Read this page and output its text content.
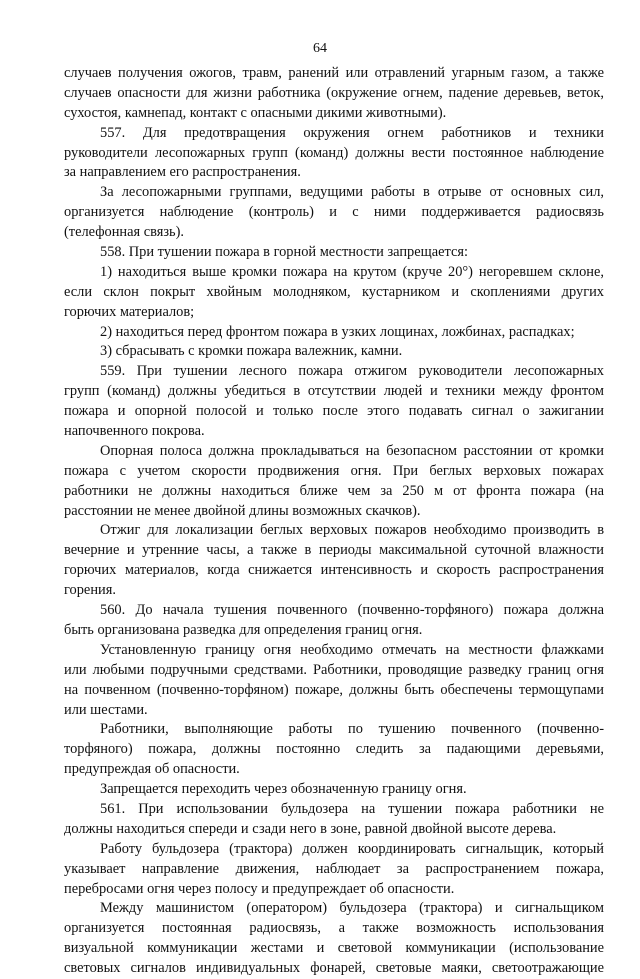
64
случаев получения ожогов, травм, ранений или отравлений угарным газом, а также
случаев опасности для жизни работника (окружение огнем, падение деревьев, веток,
сухостоя, камнепад, контакт с опасными дикими животными).
557. Для предотвращения окружения огнем работников и техники
руководители лесопожарных групп (команд) должны вести постоянное наблюдение
за направлением его распространения.
За лесопожарными группами, ведущими работы в отрыве от основных сил,
организуется наблюдение (контроль) и с ними поддерживается радиосвязь
(телефонная связь).
558. При тушении пожара в горной местности запрещается:
1) находиться выше кромки пожара на крутом (круче 20°) негоревшем склоне,
если склон покрыт хвойным молодняком, кустарником и скоплениями других
горючих материалов;
2) находиться перед фронтом пожара в узких лощинах, ложбинах, распадках;
3) сбрасывать с кромки пожара валежник, камни.
559. При тушении лесного пожара отжигом руководители лесопожарных
групп (команд) должны убедиться в отсутствии людей и техники между фронтом
пожара и опорной полосой и только после этого подавать сигнал о зажигании
напочвенного покрова.
Опорная полоса должна прокладываться на безопасном расстоянии от кромки
пожара с учетом скорости продвижения огня. При беглых верховых пожарах
работники не должны находиться ближе чем за 250 м от фронта пожара (на
расстоянии не менее двойной длины возможных скачков).
Отжиг для локализации беглых верховых пожаров необходимо производить в
вечерние и утренние часы, а также в периоды максимальной суточной влажности
горючих материалов, когда снижается интенсивность и скорость распространения
горения.
560. До начала тушения почвенного (почвенно-торфяного) пожара должна
быть организована разведка для определения границ огня.
Установленную границу огня необходимо отмечать на местности флажками
или любыми подручными средствами. Работники, проводящие разведку границ огня
на почвенном (почвенно-торфяном) пожаре, должны быть обеспечены термощупами
или шестами.
Работники, выполняющие работы по тушению почвенного (почвенно-
торфяного) пожара, должны постоянно следить за падающими деревьями,
предупреждая об опасности.
Запрещается переходить через обозначенную границу огня.
561. При использовании бульдозера на тушении пожара работники не
должны находиться спереди и сзади него в зоне, равной двойной высоте дерева.
Работу бульдозера (трактора) должен координировать сигнальщик, который
указывает направление движения, наблюдает за распространением пожара,
перебросами огня через полосу и предупреждает об опасности.
Между машинистом (оператором) бульдозера (трактора) и сигнальщиком
организуется постоянная радиосвязь, а также возможность использования
визуальной коммуникации жестами и световой коммуникации (использование
световых сигналов индивидуальных фонарей, световые маяки, светоотражающие
